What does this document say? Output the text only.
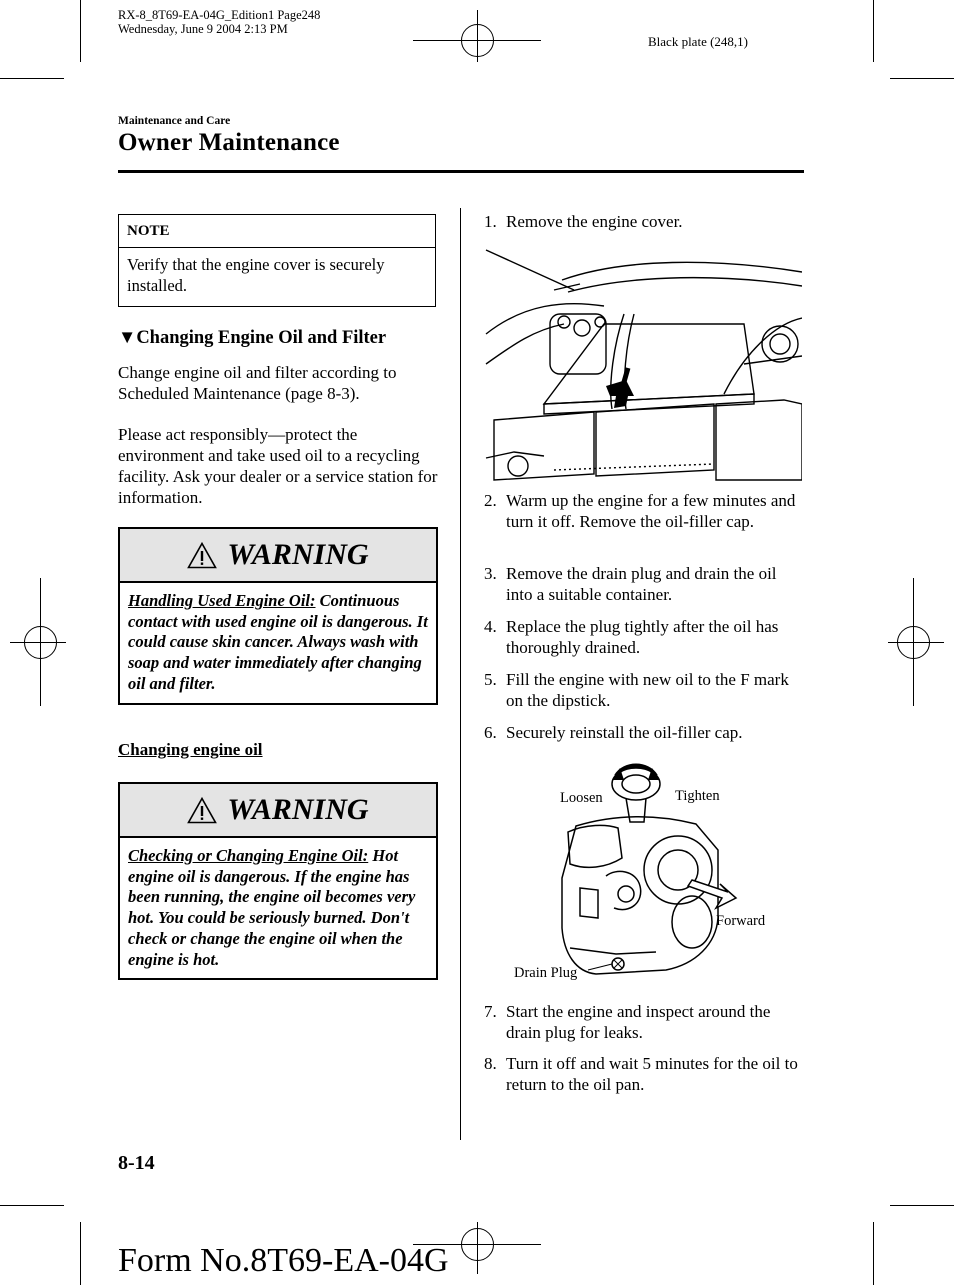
RX-8_8T69-EA-04G_Edition1 Page248
Wednesday, June 9 2004 2:13 PM
Black plate (248,1)
Maintenance and Care
Owner Maintenance
NOTE
Verify that the engine cover is securely installed.
▼Changing Engine Oil and Filter
Change engine oil and filter according to Scheduled Maintenance (page 8-3).
Please act responsibly―protect the environment and take used oil to a recycling facility. Ask your dealer or a service station for information.
WARNING
Handling Used Engine Oil: Continuous contact with used engine oil is dangerous. It could cause skin cancer. Always wash with soap and water immediately after changing oil and filter.
Changing engine oil
WARNING
Checking or Changing Engine Oil: Hot engine oil is dangerous. If the engine has been running, the engine oil becomes very hot. You could be seriously burned. Don't check or change the engine oil when the engine is hot.
1. Remove the engine cover.
2. Warm up the engine for a few minutes and turn it off. Remove the oil-filler cap.
3. Remove the drain plug and drain the oil into a suitable container.
4. Replace the plug tightly after the oil has thoroughly drained.
5. Fill the engine with new oil to the F mark on the dipstick.
6. Securely reinstall the oil-filler cap.
Loosen	Tighten
Forward
Drain Plug
7. Start the engine and inspect around the drain plug for leaks.
8. Turn it off and wait 5 minutes for the oil to return to the oil pan.
8-14
Form No.8T69-EA-04G
